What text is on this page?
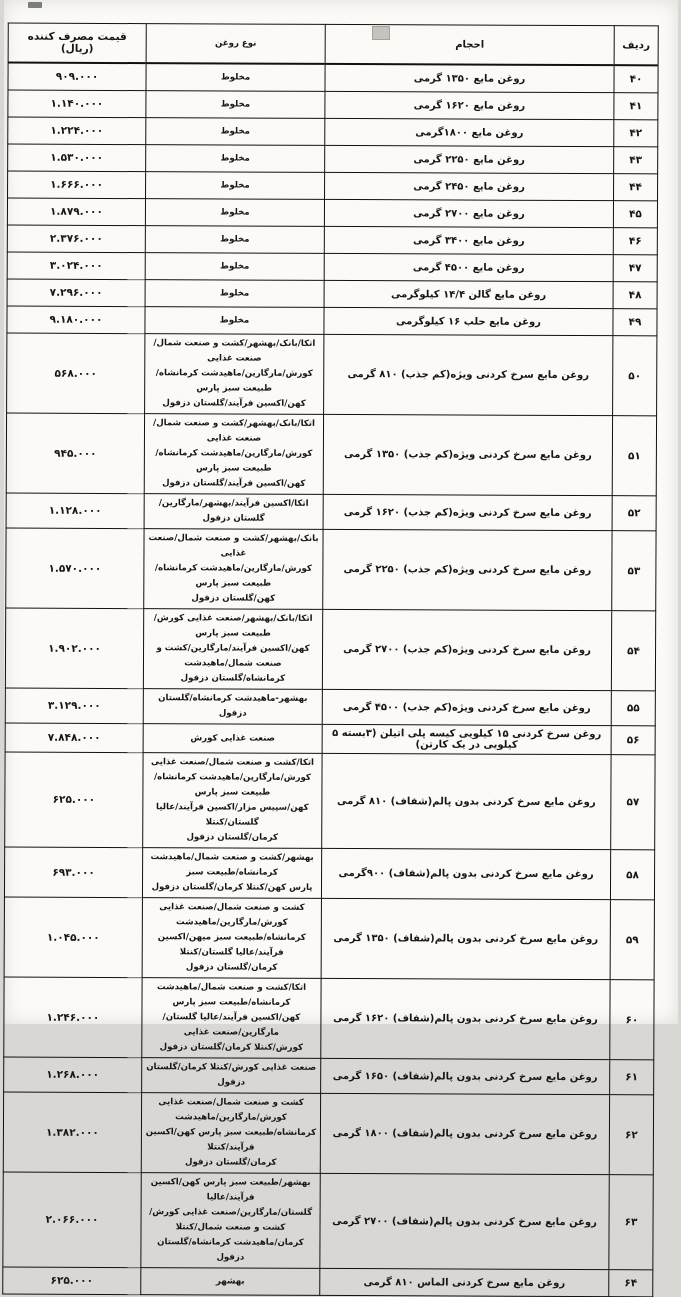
ردیف	احجام	نوع روغن	قیمت مصرف کننده (ریال)
۴۰	روغن مایع ۱۳۵۰ گرمی	مخلوط	۹۰۹.۰۰۰
۴۱	روغن مایع ۱۶۲۰ گرمی	مخلوط	۱.۱۴۰.۰۰۰
۴۲	روغن مایع ۱۸۰۰گرمی	مخلوط	۱.۲۲۴.۰۰۰
۴۳	روغن مایع ۲۲۵۰ گرمی	مخلوط	۱.۵۳۰.۰۰۰
۴۴	روغن مایع ۲۴۵۰ گرمی	مخلوط	۱.۶۶۶.۰۰۰
۴۵	روغن مایع ۲۷۰۰ گرمی	مخلوط	۱.۸۷۹.۰۰۰
۴۶	روغن مایع ۳۴۰۰ گرمی	مخلوط	۲.۳۷۶.۰۰۰
۴۷	روغن مایع ۴۵۰۰ گرمی	مخلوط	۳.۰۲۴.۰۰۰
۴۸	روغن مایع گالن ۱۴/۴ کیلوگرمی	مخلوط	۷.۲۹۶.۰۰۰
۴۹	روغن مایع حلب ۱۶ کیلوگرمی	مخلوط	۹.۱۸۰.۰۰۰
۵۰	روغن مایع سرخ کردنی ویژه(کم جذب) ۸۱۰ گرمی	اتکا/بانک/بهشهر/کشت و صنعت شمال/صنعت غذایی
کورش/مارگارین/ماهیدشت کرمانشاه/طبیعت سبز پارس
کهن/اکسین فرآیند/گلستان دزفول	۵۶۸.۰۰۰
۵۱	روغن مایع سرخ کردنی ویژه(کم جذب) ۱۳۵۰ گرمی	اتکا/بانک/بهشهر/کشت و صنعت شمال/صنعت غذایی
کورش/مارگارین/ماهیدشت کرمانشاه/طبیعت سبز پارس
کهن/اکسین فرآیند/گلستان دزفول	۹۴۵.۰۰۰
۵۲	روغن مایع سرخ کردنی ویژه(کم جذب) ۱۶۲۰ گرمی	اتکا/اکسین فرآیند/بهشهر/مارگارین/گلستان دزفول	۱.۱۲۸.۰۰۰
۵۳	روغن مایع سرخ کردنی ویژه(کم جذب) ۲۲۵۰ گرمی	بانک/بهشهر/کشت و صنعت شمال/صنعت غذایی
کورش/مارگارین/ماهیدشت کرمانشاه/طبیعت سبز پارس
کهن/گلستان دزفول	۱.۵۷۰.۰۰۰
۵۴	روغن مایع سرخ کردنی ویژه(کم جذب) ۲۷۰۰ گرمی	اتکا/بانک/بهشهر/صنعت غذایی کورش/طبیعت سبز پارس
کهن/اکسین فرآیند/مارگارین/کشت و صنعت شمال/ماهیدشت
کرمانشاه/گلستان دزفول	۱.۹۰۲.۰۰۰
۵۵	روغن مایع سرخ کردنی ویژه(کم جذب) ۴۵۰۰ گرمی	بهشهر-ماهیدشت کرمانشاه/گلستان دزفول	۳.۱۲۹.۰۰۰
۵۶	روغن سرخ کردنی ۱۵ کیلویی کیسه پلی اتیلن (۳بسته ۵ کیلویی در یک کارتن)	صنعت غذایی کورش	۷.۸۴۸.۰۰۰
۵۷	روغن مایع سرخ کردنی بدون پالم(شفاف) ۸۱۰ گرمی	اتکا/کشت و صنعت شمال/صنعت غذایی
کورش/مارگارین/ماهیدشت کرمانشاه/طبیعت سبز پارس
کهن/سپیس مزار/اکسین فرآیند/عالیا گلستان/کنتلا
کرمان/گلستان دزفول	۶۲۵.۰۰۰
۵۸	روغن مایع سرخ کردنی بدون پالم(شفاف) ۹۰۰گرمی	بهشهر/کشت و صنعت شمال/ماهیدشت کرمانشاه/طبیعت سبز
پارس کهن/کنتلا کرمان/گلستان دزفول	۶۹۳.۰۰۰
۵۹	روغن مایع سرخ کردنی بدون پالم(شفاف) ۱۳۵۰ گرمی	کشت و صنعت شمال/صنعت غذایی کورش/مارگارین/ماهیدشت
کرمانشاه/طبیعت سبز میهن/اکسین فرآیند/عالیا گلستان/کنتلا
کرمان/گلستان دزفول	۱.۰۴۵.۰۰۰
۶۰	روغن مایع سرخ کردنی بدون پالم(شفاف) ۱۶۲۰ گرمی	اتکا/کشت و صنعت شمال/ماهیدشت کرمانشاه/طبیعت سبز پارس
کهن/اکسین فرآیند/عالیا گلستان/مارگارین/صنعت غذایی
کورش/کنتلا کرمان/گلستان دزفول	۱.۲۴۶.۰۰۰
۶۱	روغن مایع سرخ کردنی بدون پالم(شفاف) ۱۶۵۰ گرمی	صنعت غذایی کورش/کنتلا کرمان/گلستان دزفول	۱.۲۶۸.۰۰۰
۶۲	روغن مایع سرخ کردنی بدون پالم(شفاف) ۱۸۰۰ گرمی	کشت و صنعت شمال/صنعت غذایی کورش/مارگارین/ماهیدشت
کرمانشاه/طبیعت سبز پارس کهن/اکسین فرآیند/کنتلا
کرمان/گلستان دزفول	۱.۳۸۲.۰۰۰
۶۳	روغن مایع سرخ کردنی بدون پالم(شفاف) ۲۷۰۰ گرمی	بهشهر/طبیعت سبز پارس کهن/اکسین فرآیند/عالیا
گلستان/مارگارین/صنعت غذایی کورش/کشت و صنعت شمال/کنتلا
کرمان/ماهیدشت کرمانشاه/گلستان دزفول	۲.۰۶۶.۰۰۰
۶۴	روغن مایع سرخ کردنی الماس ۸۱۰ گرمی	بهشهر	۶۲۵.۰۰۰
